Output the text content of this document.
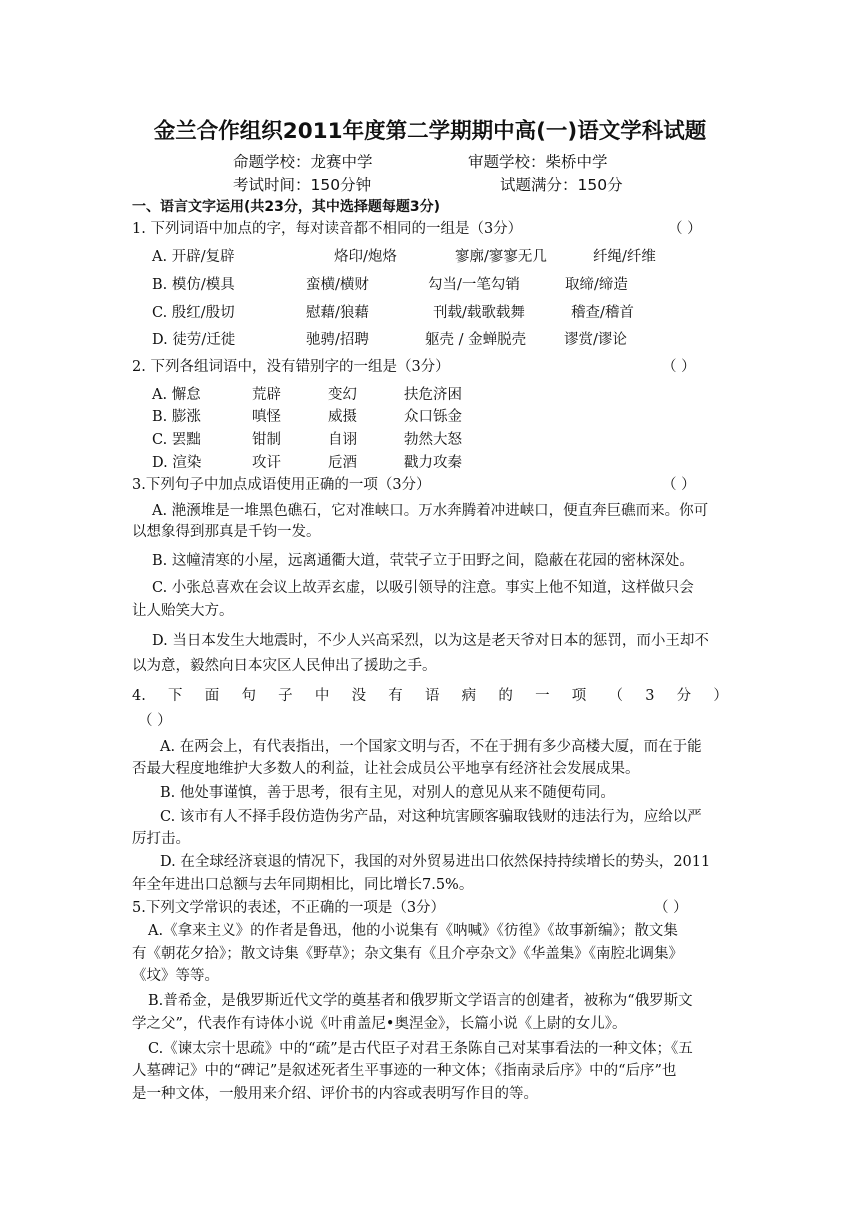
金兰合作组织2011年度第二学期期中高(一)语文学科试题
命题学校：龙赛中学	审题学校：柴桥中学
考试时间：150分钟	试题满分：150分
一、语言文字运用(共23分，其中选择题每题3分)
1. 下列词语中加点的字，每对读音都不相同的一组是（3分）	（ ）
A. 开辟/复辟	烙印/炮烙	寥廓/寥寥无几	纤绳/纤维
B. 模仿/模具	蛮横/横财	勾当/一笔勾销	取缔/缔造
C. 殷红/殷切	慰藉/狼藉	刊载/载歌载舞	稽查/稽首
D. 徒劳/迁徙	驰骋/招聘	躯壳 / 金蝉脱壳	谬赏/谬论
2. 下列各组词语中，没有错别字的一组是（3分）	（ ）
A. 懈怠	荒辟	变幻	扶危济困
B. 膨涨	嗔怪	威摄	众口铄金
C. 罢黜	钳制	自诩	勃然大怒
D. 渲染	攻讦	卮酒	戳力攻秦
3.下列句子中加点成语使用正确的一项（3分）	（ ）
A. 滟滪堆是一堆黑色礁石，它对准峡口。万水奔腾着冲进峡口，便直奔巨礁而来。你可
以想象得到那真是千钧一发。
B. 这幢清寒的小屋，远离通衢大道，茕茕孑立于田野之间，隐蔽在花园的密林深处。
C. 小张总喜欢在会议上故弄玄虚，以吸引领导的注意。事实上他不知道，这样做只会
让人贻笑大方。
D. 当日本发生大地震时，不少人兴高采烈，以为这是老天爷对日本的惩罚，而小王却不
以为意，毅然向日本灾区人民伸出了援助之手。
4. 下 面 句 子 中 没 有 语 病 的 一 项 （ 3 分 ）
（ ）
A. 在两会上，有代表指出，一个国家文明与否，不在于拥有多少高楼大厦，而在于能
否最大程度地维护大多数人的利益，让社会成员公平地享有经济社会发展成果。
B. 他处事谨慎，善于思考，很有主见，对别人的意见从来不随便苟同。
C. 该市有人不择手段仿造伪劣产品，对这种坑害顾客骗取钱财的违法行为，应给以严
厉打击。
D. 在全球经济衰退的情况下，我国的对外贸易进出口依然保持持续增长的势头，2011
年全年进出口总额与去年同期相比，同比增长7.5%。
5.下列文学常识的表述，不正确的一项是（3分）	（ ）
A.《拿来主义》的作者是鲁迅，他的小说集有《呐喊》《彷徨》《故事新编》；散文集
有《朝花夕拾》；散文诗集《野草》；杂文集有《且介亭杂文》《华盖集》《南腔北调集》
《坟》等等。
B.普希金，是俄罗斯近代文学的奠基者和俄罗斯文学语言的创建者，被称为“俄罗斯文
学之父”，代表作有诗体小说《叶甫盖尼•奥涅金》，长篇小说《上尉的女儿》。
C.《谏太宗十思疏》中的“疏”是古代臣子对君王条陈自己对某事看法的一种文体；《五
人墓碑记》中的“碑记”是叙述死者生平事迹的一种文体；《指南录后序》中的“后序”也
是一种文体，一般用来介绍、评价书的内容或表明写作目的等。
